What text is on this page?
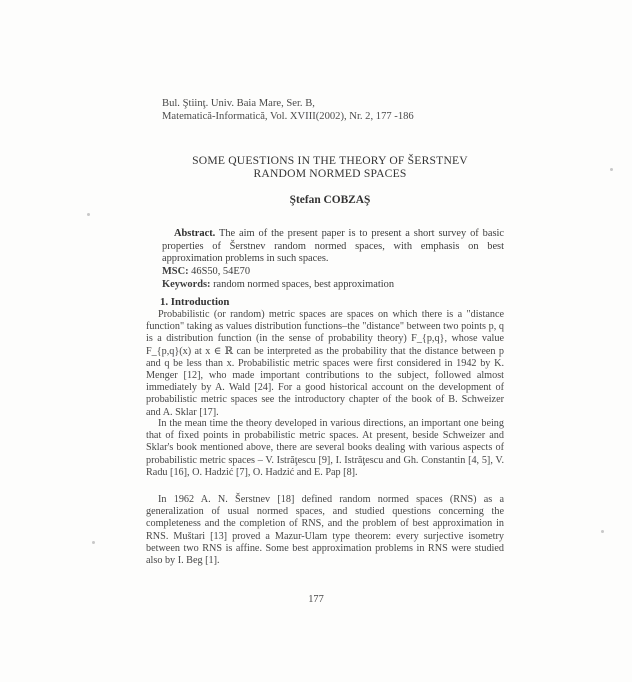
Bul. Ştiinţ. Univ. Baia Mare, Ser. B,
Matematică-Informatică, Vol. XVIII(2002), Nr. 2, 177 -186
SOME QUESTIONS IN THE THEORY OF ŠERSTNEV
RANDOM NORMED SPACES
Ştefan COBZAŞ
Abstract. The aim of the present paper is to present a short survey of basic properties of Šerstnev random normed spaces, with emphasis on best approximation problems in such spaces.
MSC: 46S50, 54E70
Keywords: random normed spaces, best approximation
1. Introduction
Probabilistic (or random) metric spaces are spaces on which there is a "distance function" taking as values distribution functions–the "distance" between two points p, q is a distribution function (in the sense of probability theory) F_{p,q}, whose value F_{p,q}(x) at x ∈ ℝ can be interpreted as the probability that the distance between p and q be less than x. Probabilistic metric spaces were first considered in 1942 by K. Menger [12], who made important contributions to the subject, followed almost immediately by A. Wald [24]. For a good historical account on the development of probabilistic metric spaces see the introductory chapter of the book of B. Schweizer and A. Sklar [17].
In the mean time the theory developed in various directions, an important one being that of fixed points in probabilistic metric spaces. At present, beside Schweizer and Sklar's book mentioned above, there are several books dealing with various aspects of probabilistic metric spaces – V. Istrăţescu [9], I. Istrăţescu and Gh. Constantin [4, 5], V. Radu [16], O. Hadzić [7], O. Hadzić and E. Pap [8].
In 1962 A. N. Šerstnev [18] defined random normed spaces (RNS) as a generalization of usual normed spaces, and studied questions concerning the completeness and the completion of RNS, and the problem of best approximation in RNS. Muštari [13] proved a Mazur-Ulam type theorem: every surjective isometry between two RNS is affine. Some best approximation problems in RNS were studied also by I. Beg [1].
177
